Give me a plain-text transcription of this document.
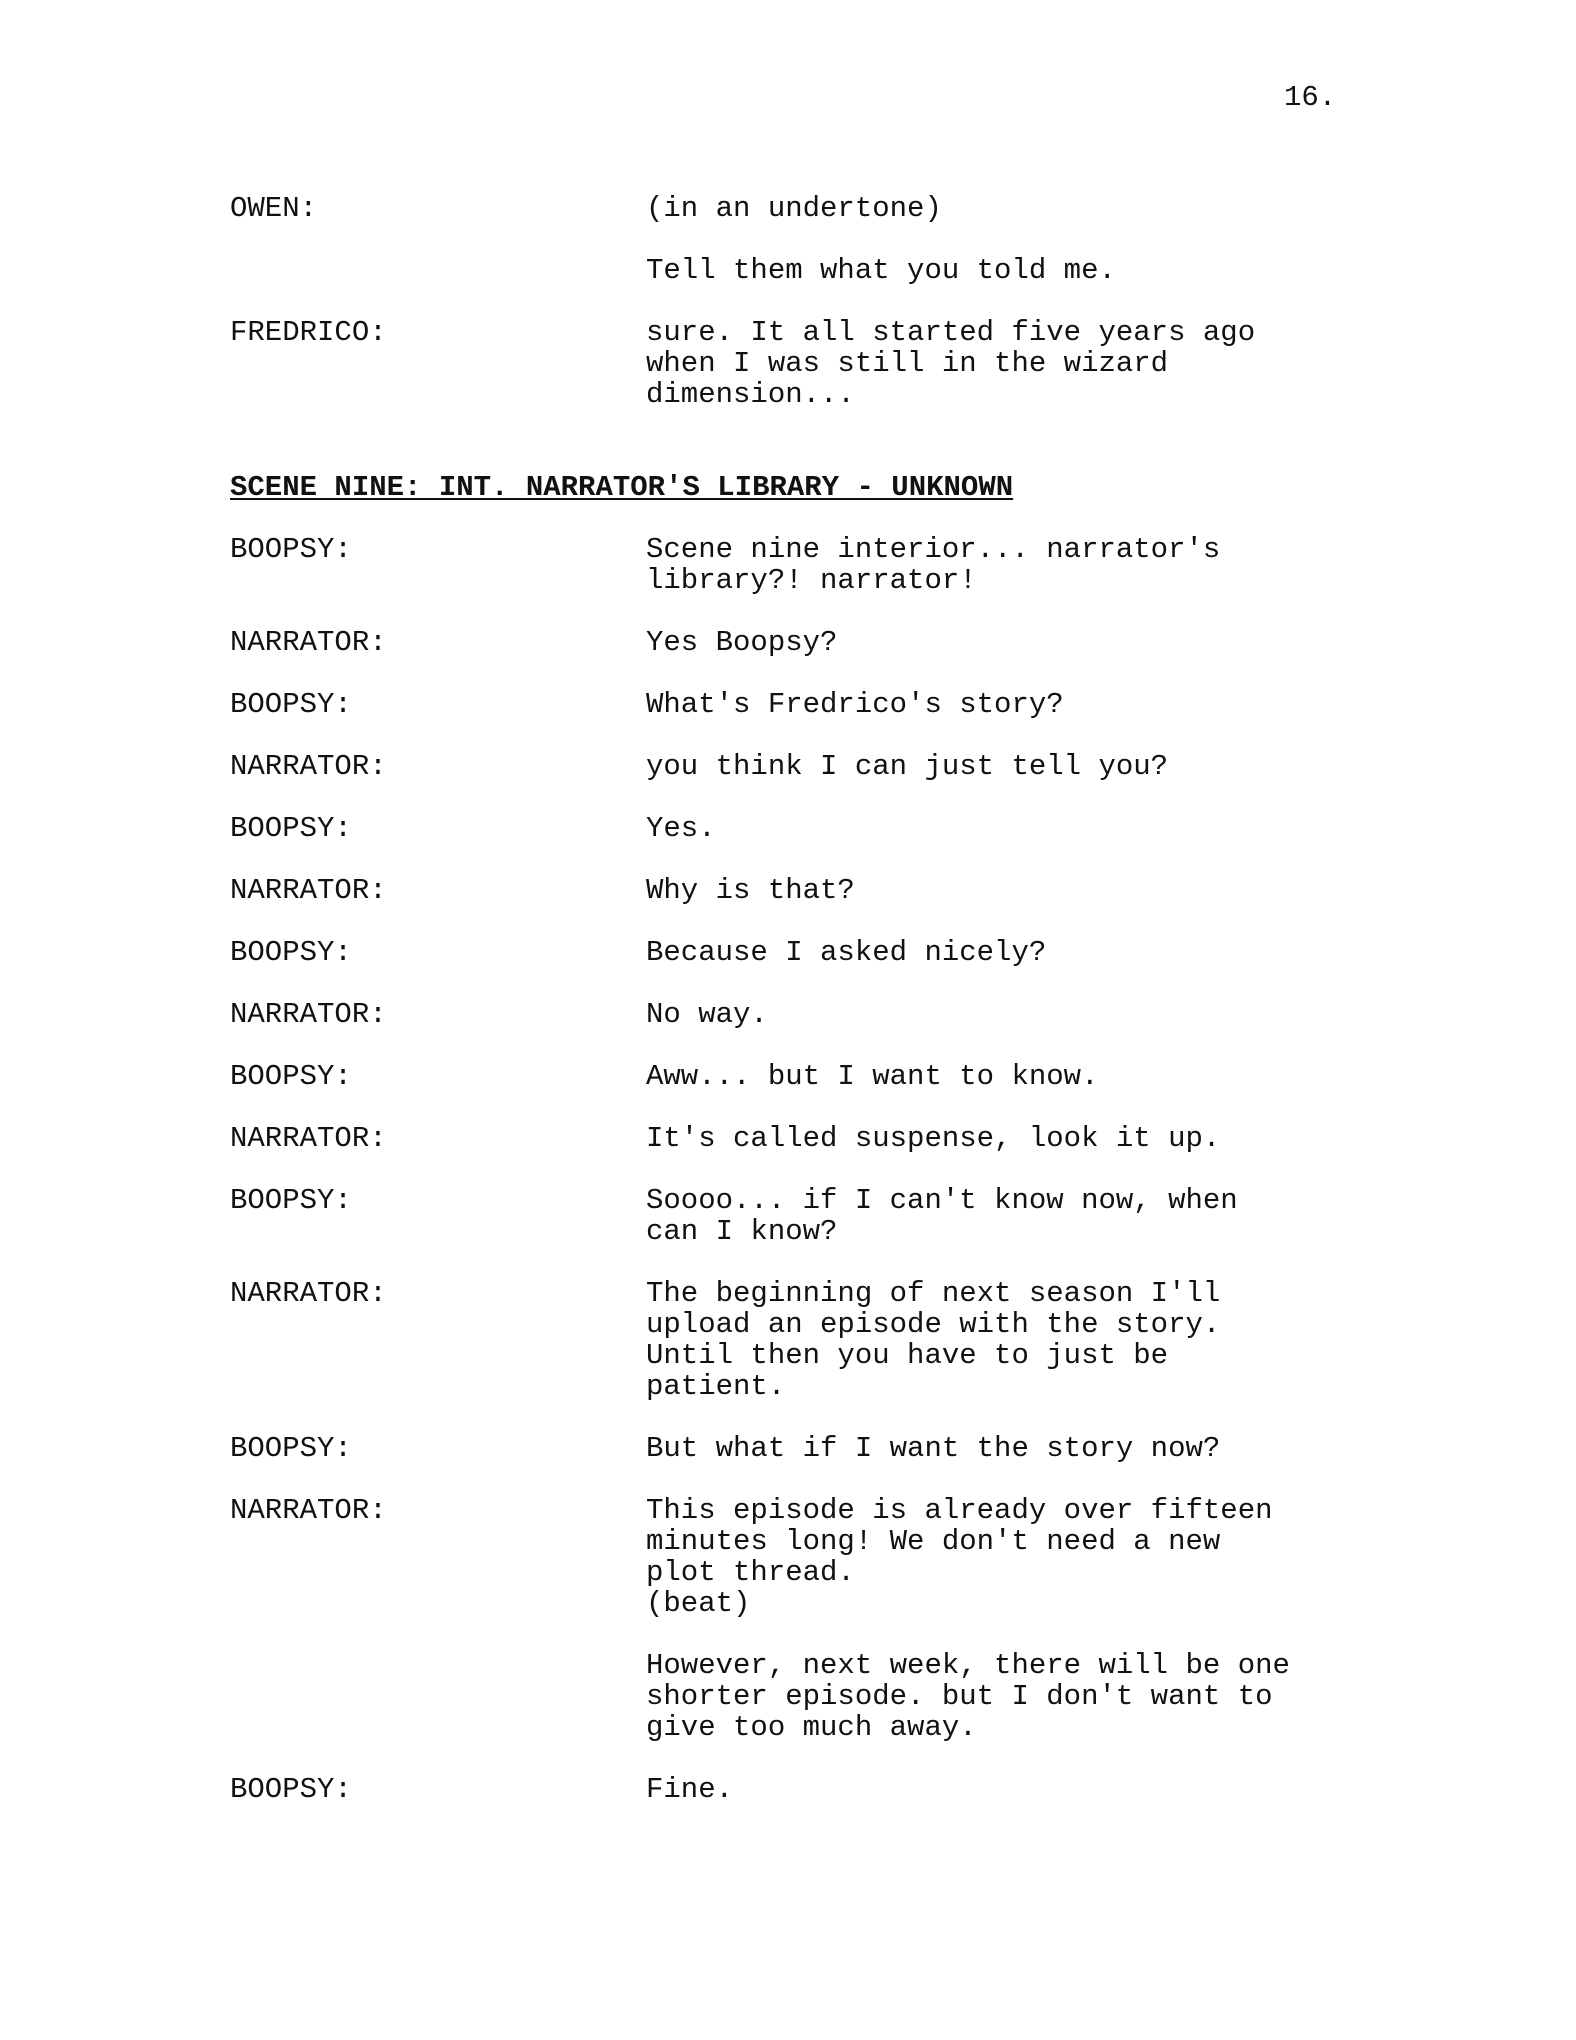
16.
OWEN:	(in an undertone)
Tell them what you told me.
FREDRICO:	sure. It all started five years ago
when I was still in the wizard
dimension...
SCENE NINE: INT. NARRATOR'S LIBRARY - UNKNOWN
BOOPSY:	Scene nine interior... narrator's
library?! narrator!
NARRATOR:	Yes Boopsy?
BOOPSY:	What's Fredrico's story?
NARRATOR:	you think I can just tell you?
BOOPSY:	Yes.
NARRATOR:	Why is that?
BOOPSY:	Because I asked nicely?
NARRATOR:	No way.
BOOPSY:	Aww... but I want to know.
NARRATOR:	It's called suspense, look it up.
BOOPSY:	Soooo... if I can't know now, when
can I know?
NARRATOR:	The beginning of next season I'll
upload an episode with the story.
Until then you have to just be
patient.
BOOPSY:	But what if I want the story now?
NARRATOR:	This episode is already over fifteen
minutes long! We don't need a new
plot thread.
(beat)
However, next week, there will be one
shorter episode. but I don't want to
give too much away.
BOOPSY:	Fine.
